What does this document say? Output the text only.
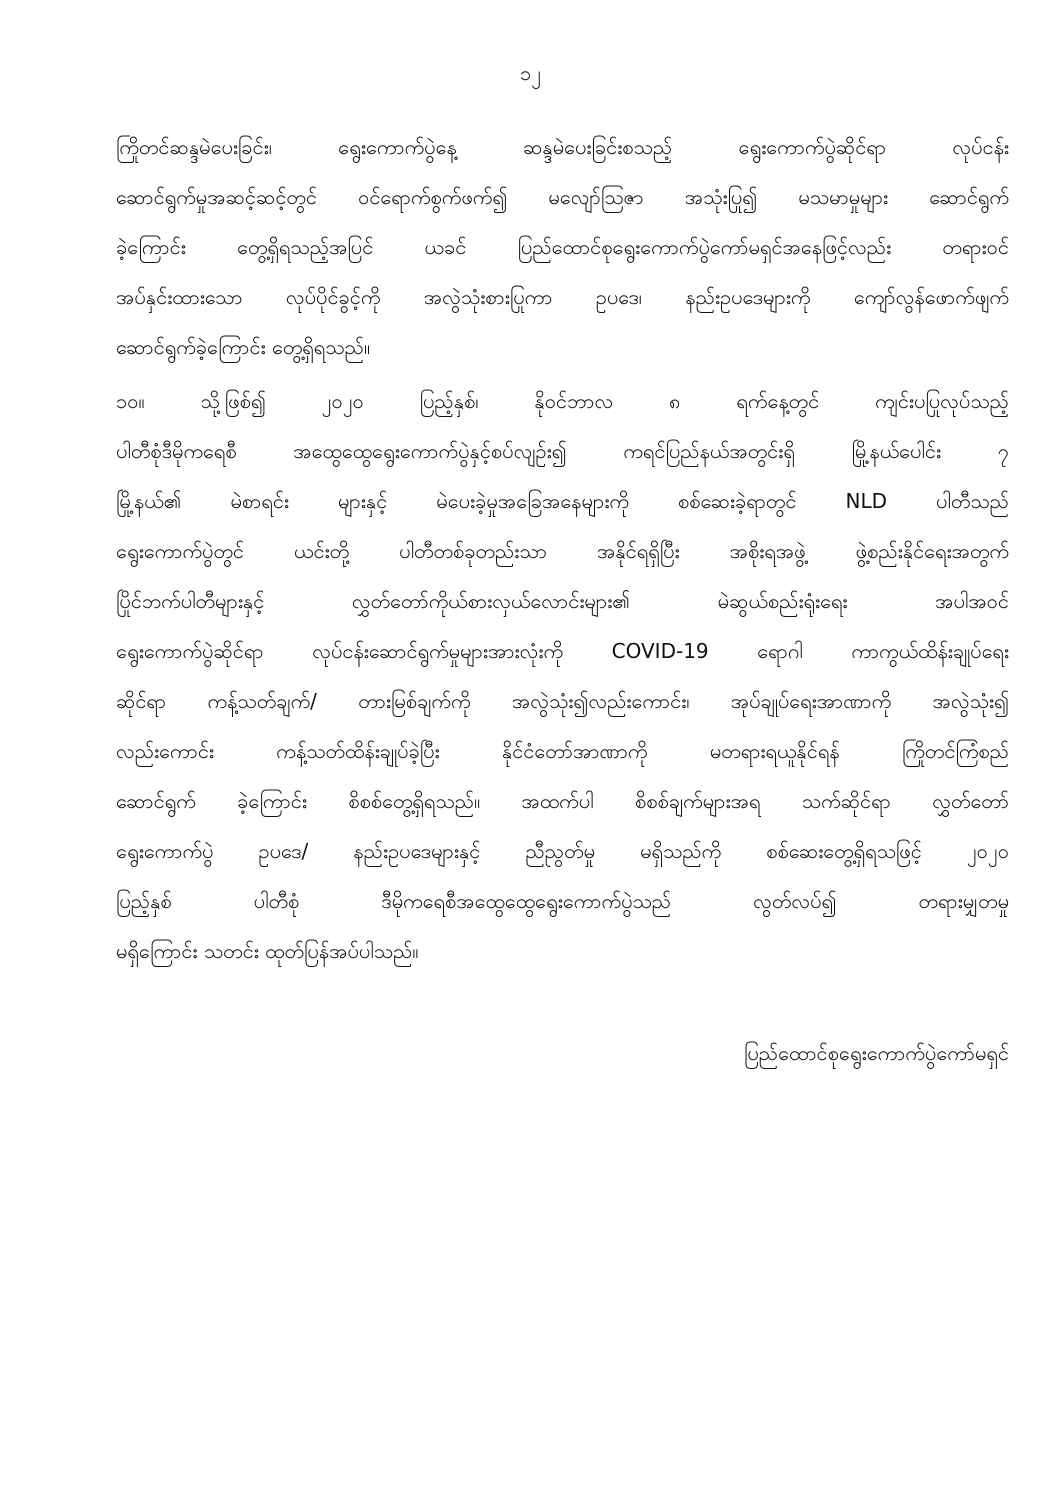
၁၂
ကြိုတင်ဆန္ဒမဲပေးခြင်း၊ ရွေးကောက်ပွဲနေ့ ဆန္ဒမဲပေးခြင်းစသည့် ရွေးကောက်ပွဲဆိုင်ရာ လုပ်ငန်း
ဆောင်ရွက်မှုအဆင့်ဆင့်တွင် ဝင်ရောက်စွက်ဖက်၍ မလျော်သြဇာ အသုံးပြု၍ မသမာမှုများ ဆောင်ရွက်
ခဲ့ကြောင်း တွေ့ရှိရသည့်အပြင် ယခင် ပြည်ထောင်စုရွေးကောက်ပွဲကော်မရှင်အနေဖြင့်လည်း တရားဝင်
အပ်နှင်းထားသော လုပ်ပိုင်ခွင့်ကို အလွဲသုံးစားပြုကာ ဥပဒေ၊ နည်းဥပဒေများကို ကျော်လွန်ဖောက်ဖျက်
ဆောင်ရွက်ခဲ့ကြောင်း တွေ့ရှိရသည်။
၁၀။ သို့ဖြစ်၍ ၂၀၂၀ ပြည့်နှစ်၊ နိုဝင်ဘာလ ၈ ရက်နေ့တွင် ကျင်းပပြုလုပ်သည့်
ပါတီစုံဒီမိုကရေစီ အထွေထွေရွေးကောက်ပွဲနှင့်စပ်လျဉ်း၍ ကရင်ပြည်နယ်အတွင်းရှိ မြို့နယ်ပေါင်း ၇
မြို့နယ်၏ မဲစာရင်း များနှင့် မဲပေးခဲ့မှုအခြေအနေများကို စစ်ဆေးခဲ့ရာတွင် NLD ပါတီသည်
ရွေးကောက်ပွဲတွင် ယင်းတို့ ပါတီတစ်ခုတည်းသာ အနိုင်ရရှိပြီး အစိုးရအဖွဲ့ ဖွဲ့စည်းနိုင်ရေးအတွက်
ပြိုင်ဘက်ပါတီများနှင့် လွှတ်တော်ကိုယ်စားလှယ်လောင်းများ၏ မဲဆွယ်စည်းရုံးရေး အပါအဝင်
ရွေးကောက်ပွဲဆိုင်ရာ လုပ်ငန်းဆောင်ရွက်မှုများအားလုံးကို COVID-19 ရောဂါ ကာကွယ်ထိန်းချုပ်ရေး
ဆိုင်ရာ ကန့်သတ်ချက်/ တားမြစ်ချက်ကို အလွဲသုံး၍လည်းကောင်း၊ အုပ်ချုပ်ရေးအာဏာကို အလွဲသုံး၍
လည်းကောင်း ကန့်သတ်ထိန်းချုပ်ခဲ့ပြီး နိုင်ငံတော်အာဏာကို မတရားရယူနိုင်ရန် ကြိုတင်ကြံစည်
ဆောင်ရွက် ခဲ့ကြောင်း စိစစ်တွေ့ရှိရသည်။ အထက်ပါ စိစစ်ချက်များအရ သက်ဆိုင်ရာ လွှတ်တော်
ရွေးကောက်ပွဲ ဥပဒေ/ နည်းဥပဒေများနှင့် ညီညွတ်မှု မရှိသည်ကို စစ်ဆေးတွေ့ရှိရသဖြင့် ၂၀၂၀
ပြည့်နှစ် ပါတီစုံ ဒီမိုကရေစီအထွေထွေရွေးကောက်ပွဲသည် လွတ်လပ်၍ တရားမျှတမှု
မရှိကြောင်း သတင်း ထုတ်ပြန်အပ်ပါသည်။
ပြည်ထောင်စုရွေးကောက်ပွဲကော်မရှင်
